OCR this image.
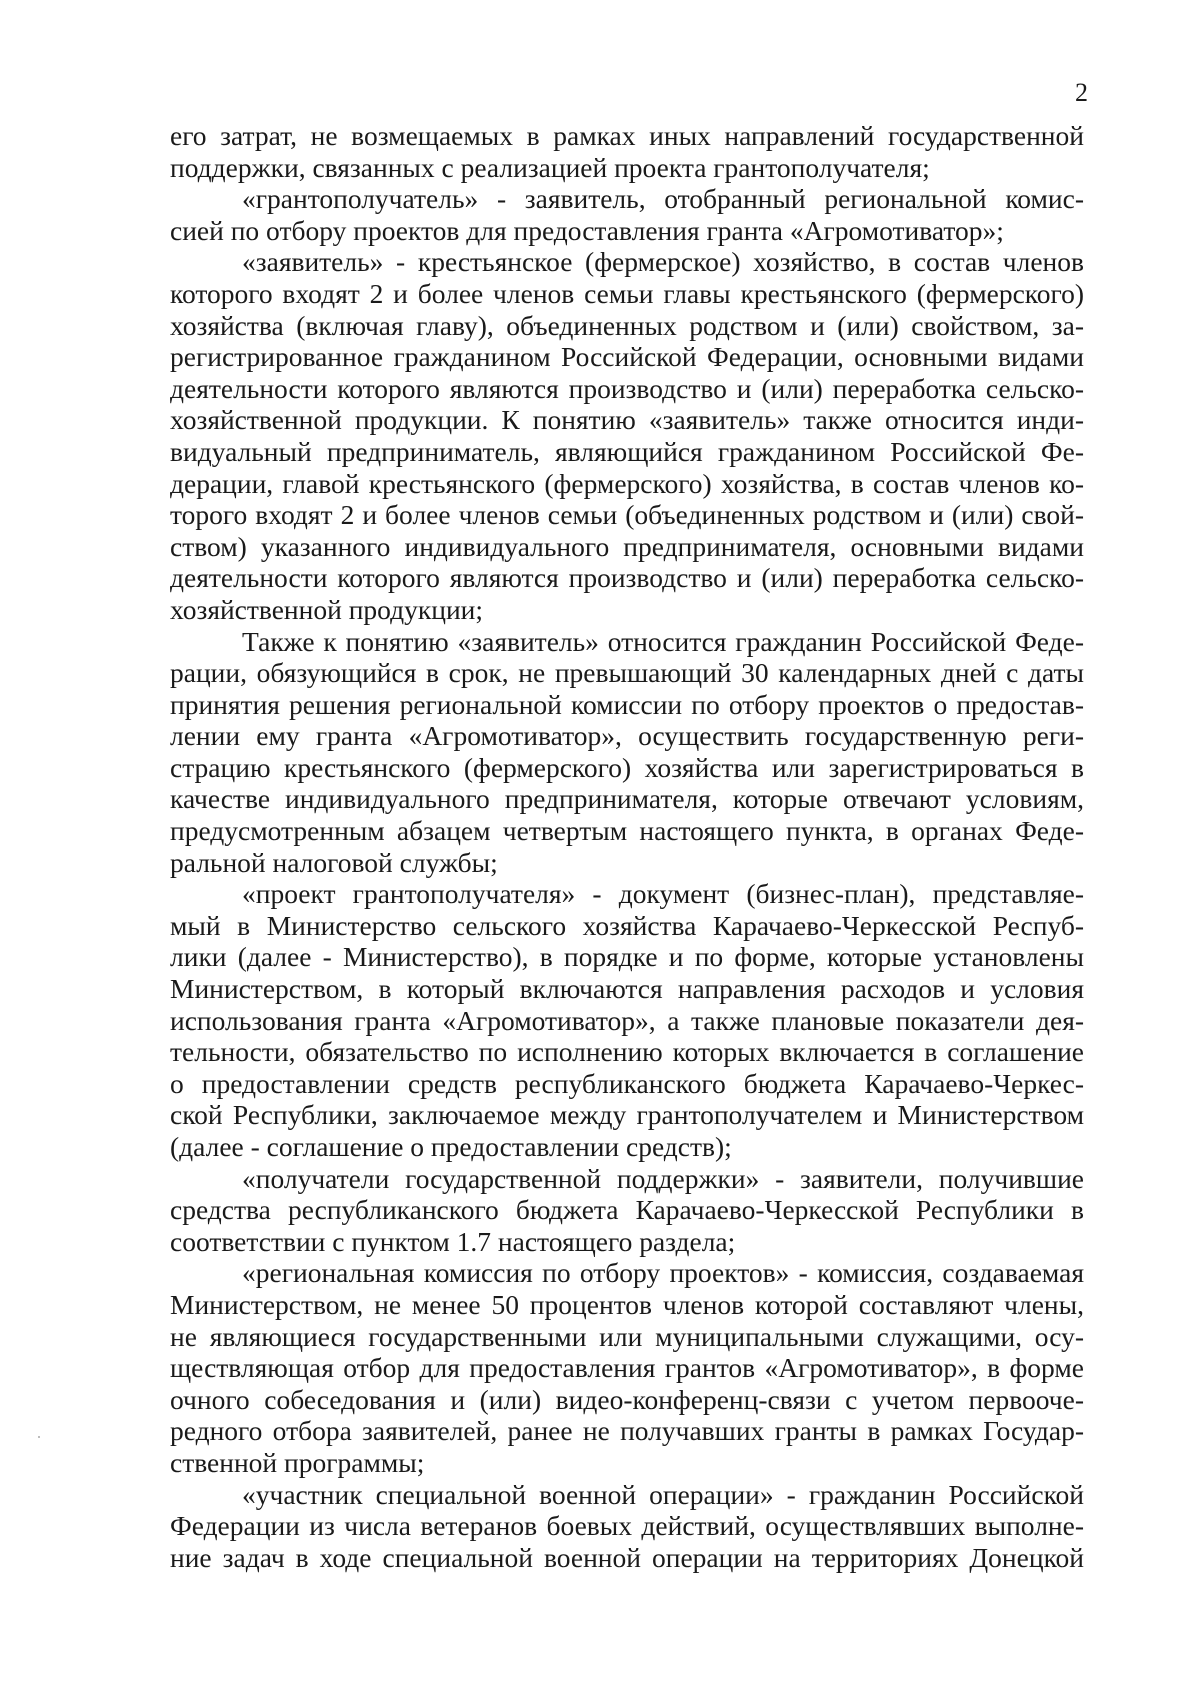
2
его затрат, не возмещаемых в рамках иных направлений государственной
поддержки, связанных с реализацией проекта грантополучателя;
«грантополучатель» - заявитель, отобранный региональной комис-
сией по отбору проектов для предоставления гранта «Агромотиватор»;
«заявитель» - крестьянское (фермерское) хозяйство, в состав членов
которого входят 2 и более членов семьи главы крестьянского (фермерского)
хозяйства (включая главу), объединенных родством и (или) свойством, за-
регистрированное гражданином Российской Федерации, основными видами
деятельности которого являются производство и (или) переработка сельско-
хозяйственной продукции. К понятию «заявитель» также относится инди-
видуальный предприниматель, являющийся гражданином Российской Фе-
дерации, главой крестьянского (фермерского) хозяйства, в состав членов ко-
торого входят 2 и более членов семьи (объединенных родством и (или) свой-
ством) указанного индивидуального предпринимателя, основными видами
деятельности которого являются производство и (или) переработка сельско-
хозяйственной продукции;
Также к понятию «заявитель» относится гражданин Российской Феде-
рации, обязующийся в срок, не превышающий 30 календарных дней с даты
принятия решения региональной комиссии по отбору проектов о предостав-
лении ему гранта «Агромотиватор», осуществить государственную реги-
страцию крестьянского (фермерского) хозяйства или зарегистрироваться в
качестве индивидуального предпринимателя, которые отвечают условиям,
предусмотренным абзацем четвертым настоящего пункта, в органах Феде-
ральной налоговой службы;
«проект грантополучателя» - документ (бизнес-план), представляе-
мый в Министерство сельского хозяйства Карачаево-Черкесской Респуб-
лики (далее - Министерство), в порядке и по форме, которые установлены
Министерством, в который включаются направления расходов и условия
использования гранта «Агромотиватор», а также плановые показатели дея-
тельности, обязательство по исполнению которых включается в соглашение
о предоставлении средств республиканского бюджета Карачаево-Черкес-
ской Республики, заключаемое между грантополучателем и Министерством
(далее - соглашение о предоставлении средств);
«получатели государственной поддержки» - заявители, получившие
средства республиканского бюджета Карачаево-Черкесской Республики в
соответствии с пунктом 1.7 настоящего раздела;
«региональная комиссия по отбору проектов» - комиссия, создаваемая
Министерством, не менее 50 процентов членов которой составляют члены,
не являющиеся государственными или муниципальными служащими, осу-
ществляющая отбор для предоставления грантов «Агромотиватор», в форме
очного собеседования и (или) видео-конференц-связи с учетом первооче-
редного отбора заявителей, ранее не получавших гранты в рамках Государ-
ственной программы;
«участник специальной военной операции» - гражданин Российской
Федерации из числа ветеранов боевых действий, осуществлявших выполне-
ние задач в ходе специальной военной операции на территориях Донецкой
